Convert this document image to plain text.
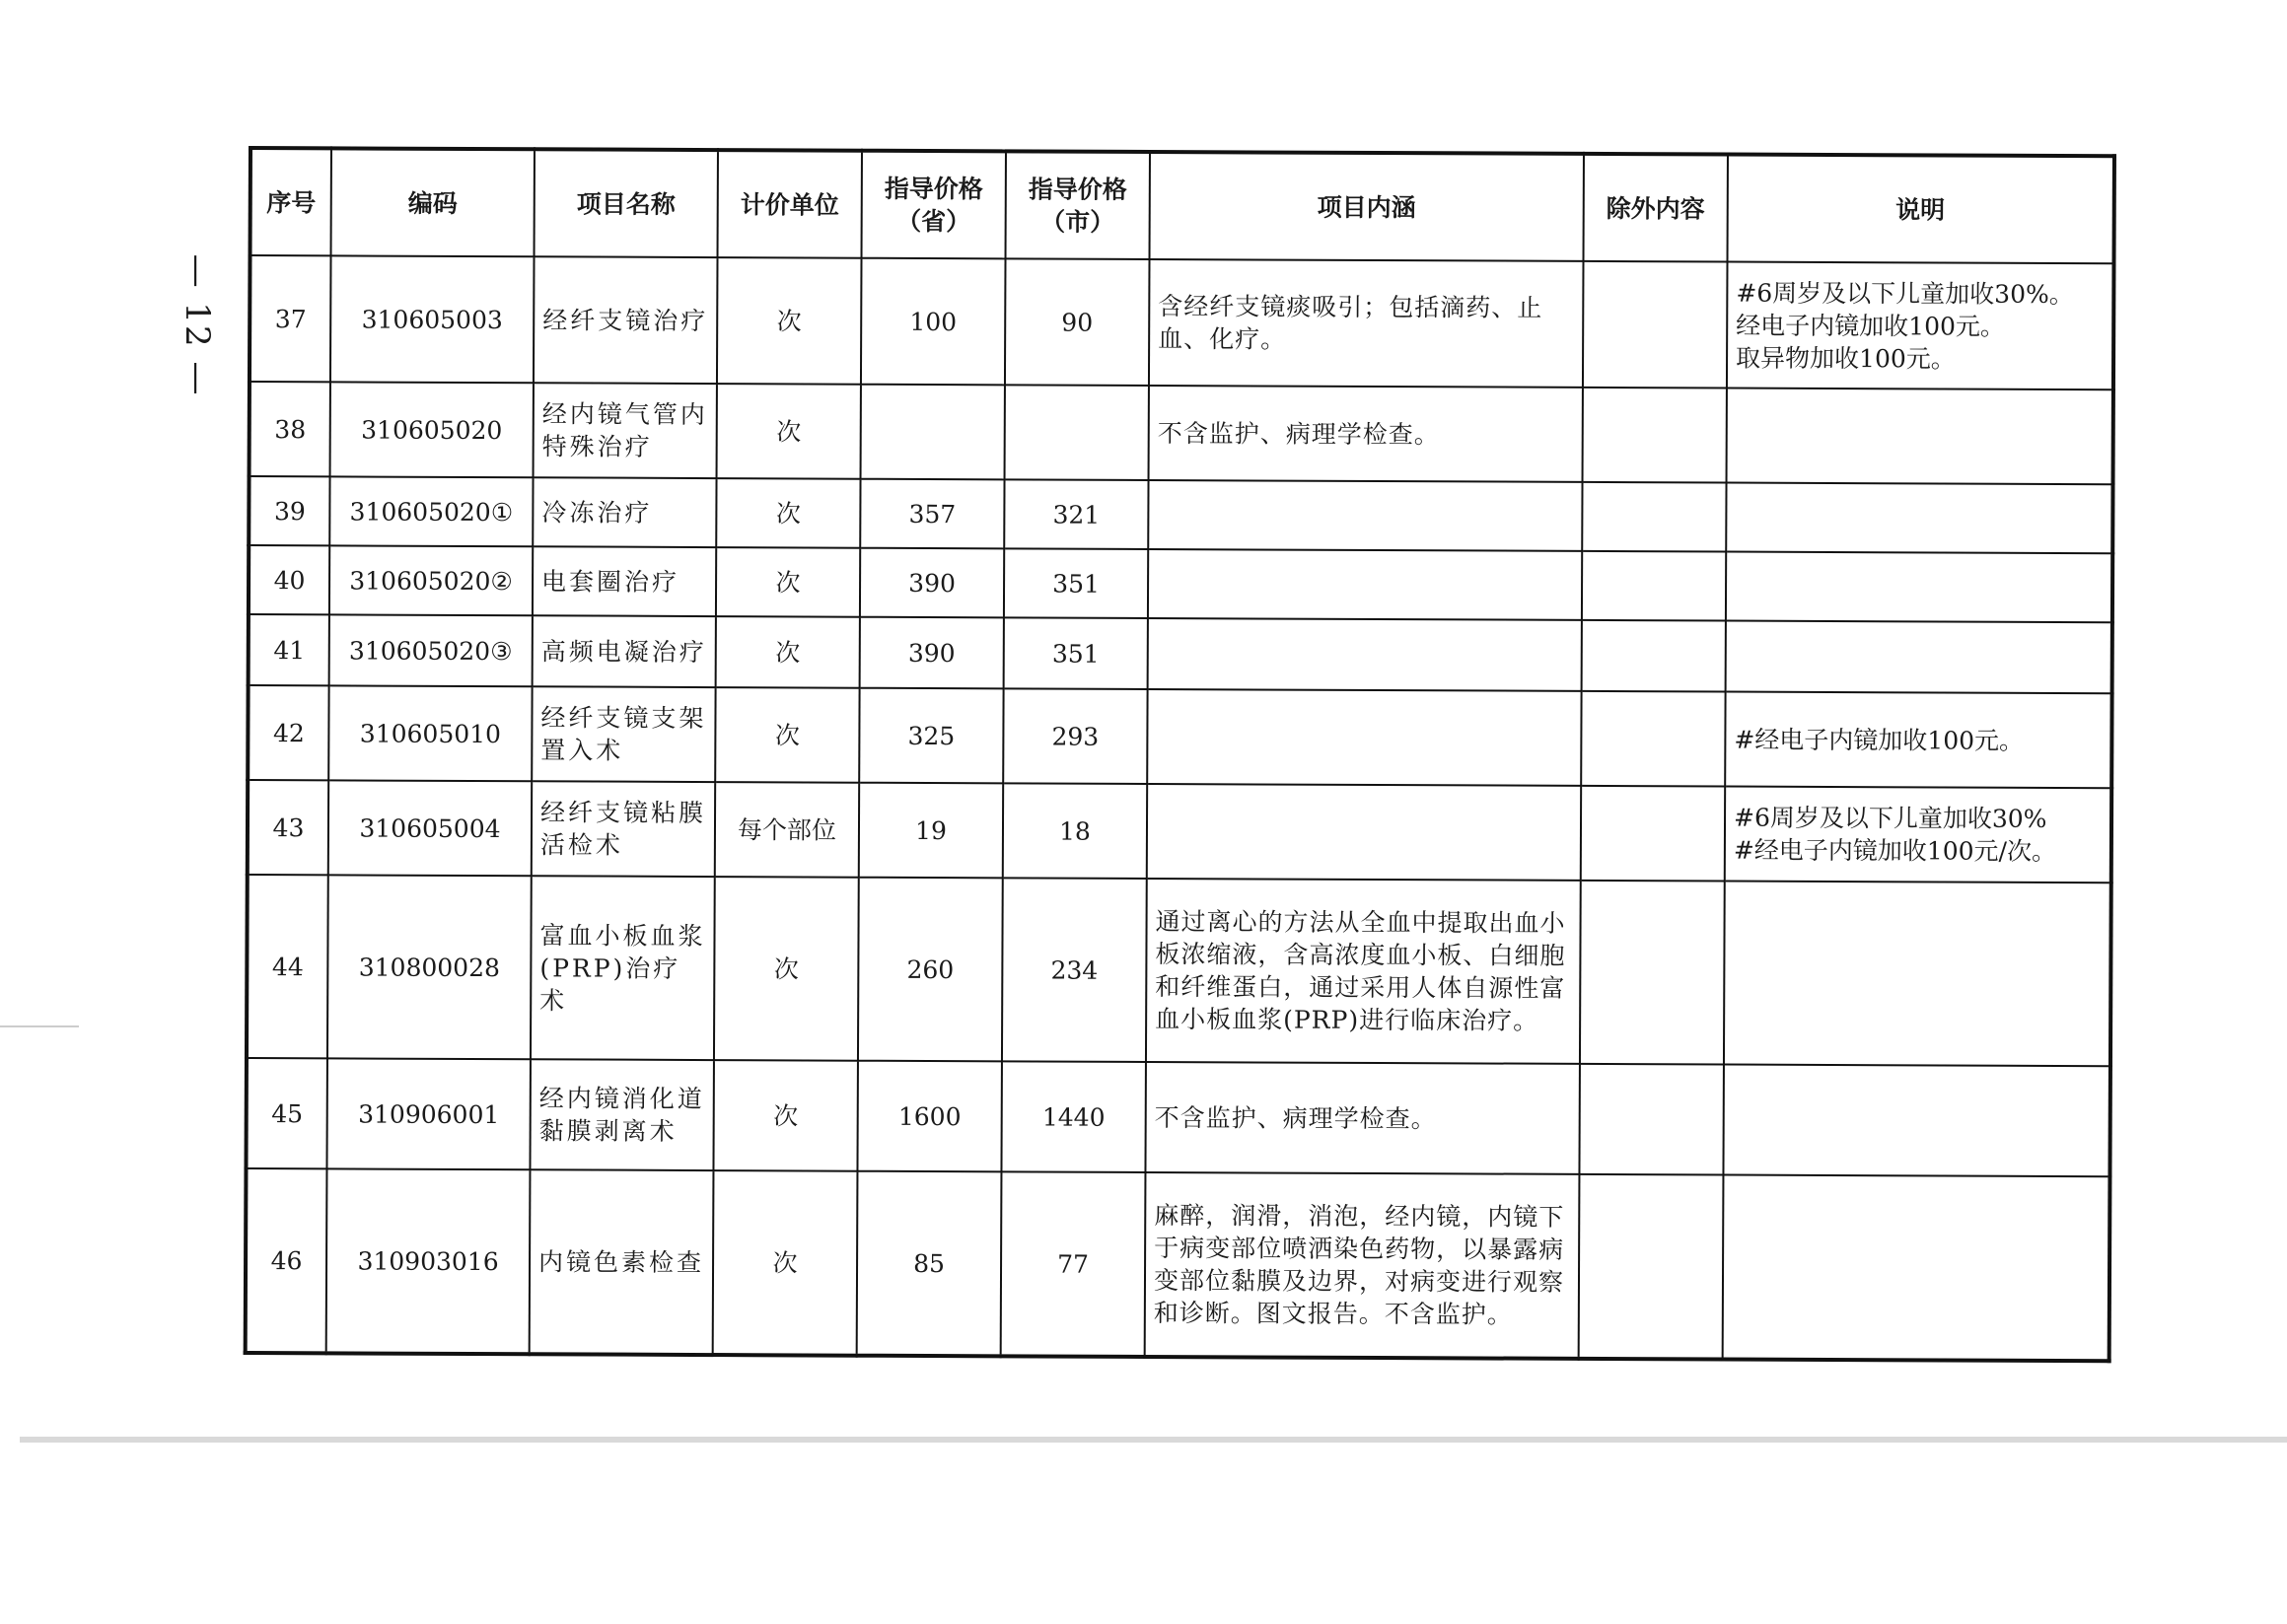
— 12 —
序号	编码	项目名称	计价单位	指导价格（省）	指导价格（市）	项目内涵	除外内容	说明
37	310605003	经纤支镜治疗	次	100	90	含经纤支镜痰吸引；包括滴药、止血、化疗。		#6周岁及以下儿童加收30%。
经电子内镜加收100元。
取异物加收100元。

38	310605020	经内镜气管内特殊治疗	次			不含监护、病理学检查。		
39	310605020①	冷冻治疗	次	357	321			
40	310605020②	电套圈治疗	次	390	351			
41	310605020③	高频电凝治疗	次	390	351			
42	310605010	经纤支镜支架置入术	次	325	293			#经电子内镜加收100元。

43	310605004	经纤支镜粘膜活检术	每个部位	19	18			#6周岁及以下儿童加收30%
#经电子内镜加收100元/次。

44	310800028	富血小板血浆(PRP)治疗术	次	260	234	通过离心的方法从全血中提取出血小板浓缩液，含高浓度血小板、白细胞和纤维蛋白，通过采用人体自源性富血小板血浆(PRP)进行临床治疗。		
45	310906001	经内镜消化道黏膜剥离术	次	1600	1440	不含监护、病理学检查。		
46	310903016	内镜色素检查	次	85	77	麻醉，润滑，消泡，经内镜，内镜下于病变部位喷洒染色药物，以暴露病变部位黏膜及边界，对病变进行观察和诊断。图文报告。不含监护。		
